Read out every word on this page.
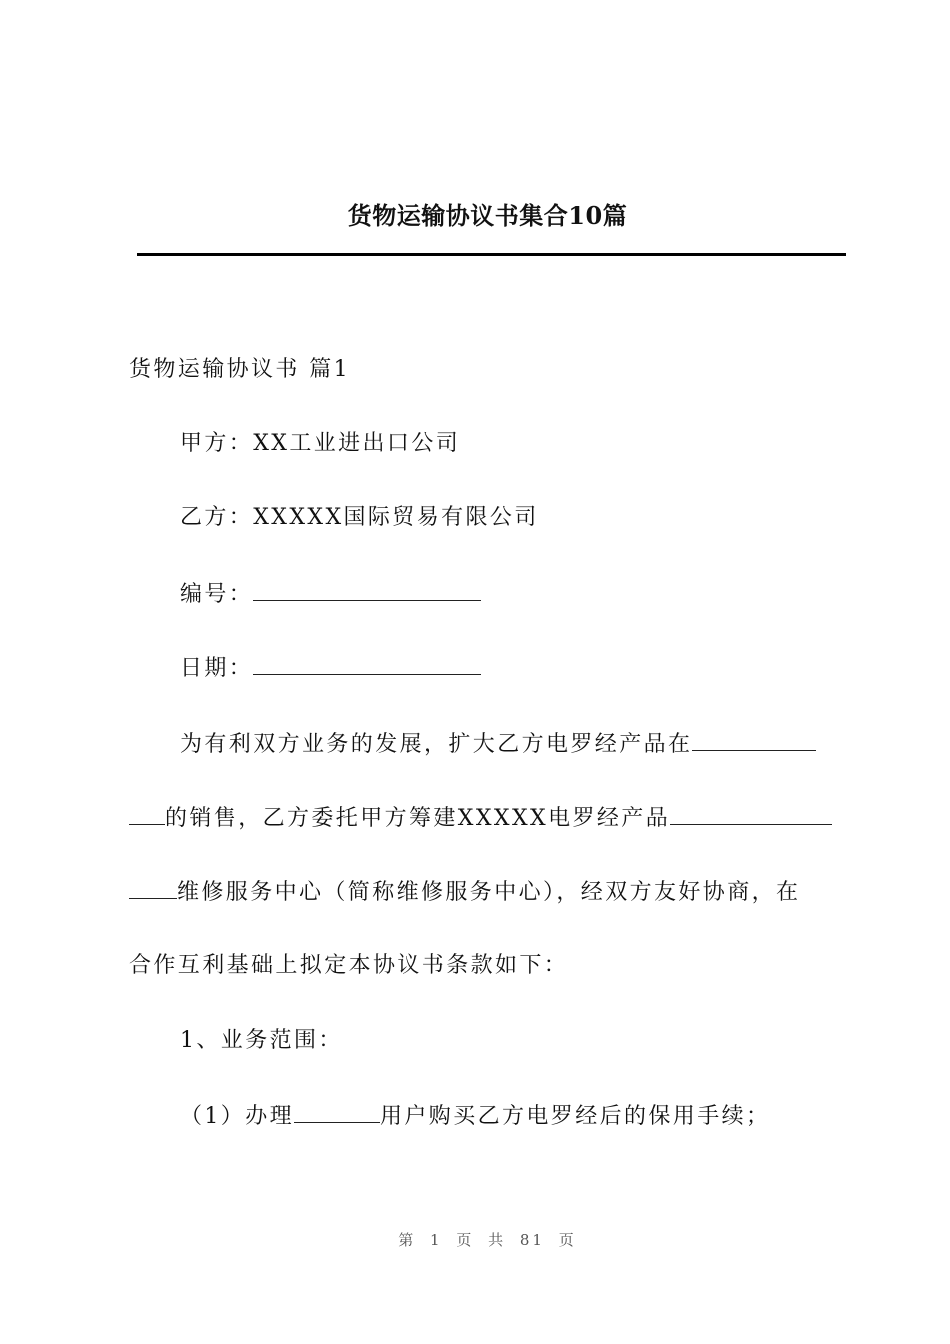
货物运输协议书集合10篇

货物运输协议书 篇1

甲方：XX工业进出口公司

乙方：XXXXX国际贸易有限公司

编号：

日期：

为有利双方业务的发展，扩大乙方电罗经产品在

的销售，乙方委托甲方筹建XXXXX电罗经产品

维修服务中心（简称维修服务中心），经双方友好协商，在

合作互利基础上拟定本协议书条款如下：

1、业务范围：

（1）办理	用户购买乙方电罗经后的保用手续；

第 1 页 共 81 页
